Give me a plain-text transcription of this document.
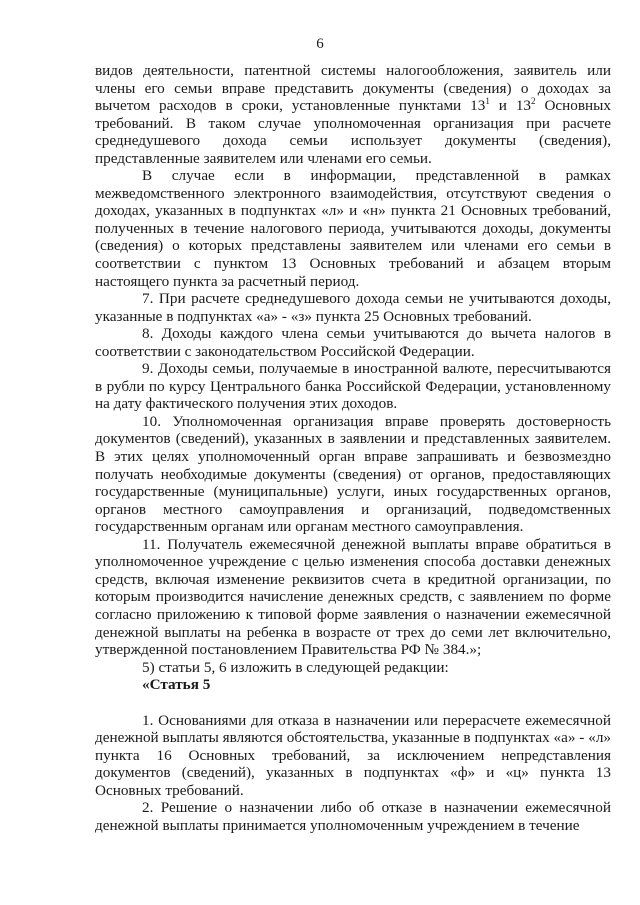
6

видов деятельности, патентной системы налогообложения, заявитель или члены его семьи вправе представить документы (сведения) о доходах за вычетом расходов в сроки, установленные пунктами $13^1$ и $13^2$ Основных требований. В таком случае уполномоченная организация при расчете среднедушевого дохода семьи использует документы (сведения), представленные заявителем или членами его семьи.

В случае если в информации, представленной в рамках межведомственного электронного взаимодействия, отсутствуют сведения о доходах, указанных в подпунктах «л» и «н» пункта 21 Основных требований, полученных в течение налогового периода, учитываются доходы, документы (сведения) о которых представлены заявителем или членами его семьи в соответствии с пунктом 13 Основных требований и абзацем вторым настоящего пункта за расчетный период.

7. При расчете среднедушевого дохода семьи не учитываются доходы, указанные в подпунктах «а» - «з» пункта 25 Основных требований.

8. Доходы каждого члена семьи учитываются до вычета налогов в соответствии с законодательством Российской Федерации.

9. Доходы семьи, получаемые в иностранной валюте, пересчитываются в рубли по курсу Центрального банка Российской Федерации, установленному на дату фактического получения этих доходов.

10. Уполномоченная организация вправе проверять достоверность документов (сведений), указанных в заявлении и представленных заявителем. В этих целях уполномоченный орган вправе запрашивать и безвозмездно получать необходимые документы (сведения) от органов, предоставляющих государственные (муниципальные) услуги, иных государственных органов, органов местного самоуправления и организаций, подведомственных государственным органам или органам местного самоуправления.

11. Получатель ежемесячной денежной выплаты вправе обратиться в уполномоченное учреждение с целью изменения способа доставки денежных средств, включая изменение реквизитов счета в кредитной организации, по которым производится начисление денежных средств, с заявлением по форме согласно приложению к типовой форме заявления о назначении ежемесячной денежной выплаты на ребенка в возрасте от трех до семи лет включительно, утвержденной постановлением Правительства РФ № 384.»;

5) статьи 5, 6 изложить в следующей редакции:

«Статья 5

1. Основаниями для отказа в назначении или перерасчете ежемесячной денежной выплаты являются обстоятельства, указанные в подпунктах «а» - «л» пункта 16 Основных требований, за исключением непредставления документов (сведений), указанных в подпунктах «ф» и «ц» пункта 13 Основных требований.

2. Решение о назначении либо об отказе в назначении ежемесячной денежной выплаты принимается уполномоченным учреждением в течение
